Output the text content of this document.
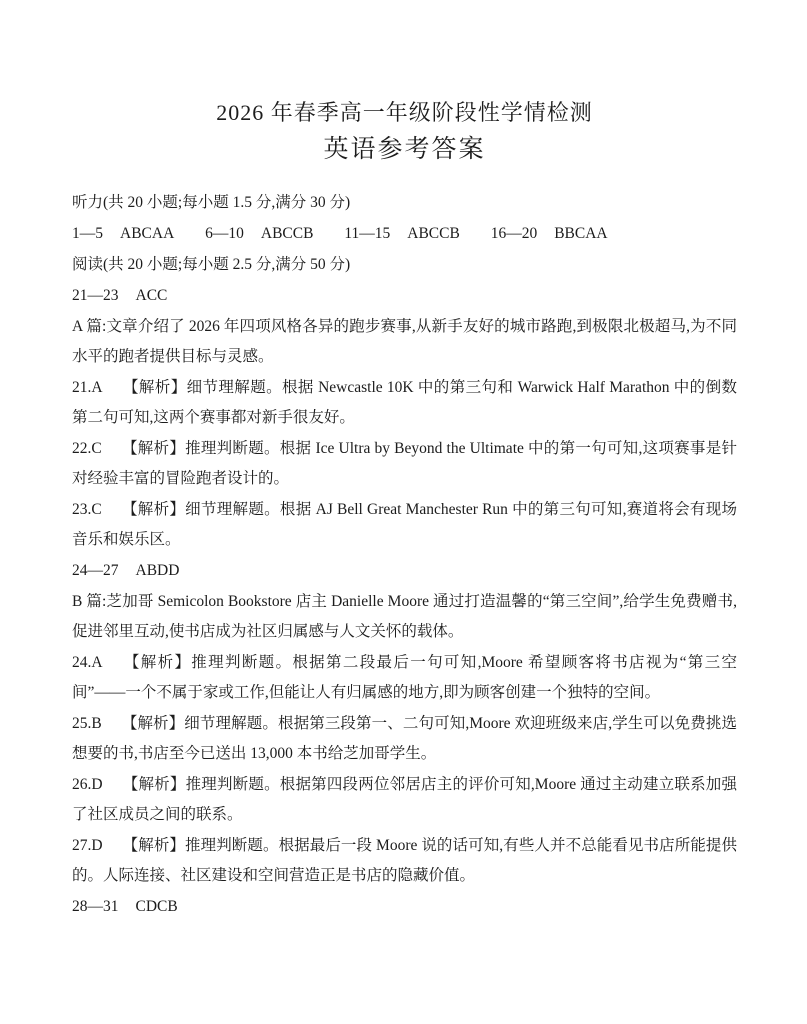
2026 年春季高一年级阶段性学情检测
英语参考答案

听力(共 20 小题;每小题 1.5 分,满分 30 分)

1—5 ABCAA 6—10 ABCCB 11—15 ABCCB 16—20 BBCAA

阅读(共 20 小题;每小题 2.5 分,满分 50 分)

21—23 ACC

A 篇:文章介绍了 2026 年四项风格各异的跑步赛事,从新手友好的城市路跑,到极限北极超马,为不同水平的跑者提供目标与灵感。

21.A 【解析】细节理解题。根据 Newcastle 10K 中的第三句和 Warwick Half Marathon 中的倒数第二句可知,这两个赛事都对新手很友好。

22.C 【解析】推理判断题。根据 Ice Ultra by Beyond the Ultimate 中的第一句可知,这项赛事是针对经验丰富的冒险跑者设计的。

23.C 【解析】细节理解题。根据 AJ Bell Great Manchester Run 中的第三句可知,赛道将会有现场音乐和娱乐区。

24—27 ABDD

B 篇:芝加哥 Semicolon Bookstore 店主 Danielle Moore 通过打造温馨的“第三空间”,给学生免费赠书,促进邻里互动,使书店成为社区归属感与人文关怀的载体。

24.A 【解析】推理判断题。根据第二段最后一句可知,Moore 希望顾客将书店视为“第三空间”——一个不属于家或工作,但能让人有归属感的地方,即为顾客创建一个独特的空间。

25.B 【解析】细节理解题。根据第三段第一、二句可知,Moore 欢迎班级来店,学生可以免费挑选想要的书,书店至今已送出 13,000 本书给芝加哥学生。

26.D 【解析】推理判断题。根据第四段两位邻居店主的评价可知,Moore 通过主动建立联系加强了社区成员之间的联系。

27.D 【解析】推理判断题。根据最后一段 Moore 说的话可知,有些人并不总能看见书店所能提供的。人际连接、社区建设和空间营造正是书店的隐藏价值。

28—31 CDCB
